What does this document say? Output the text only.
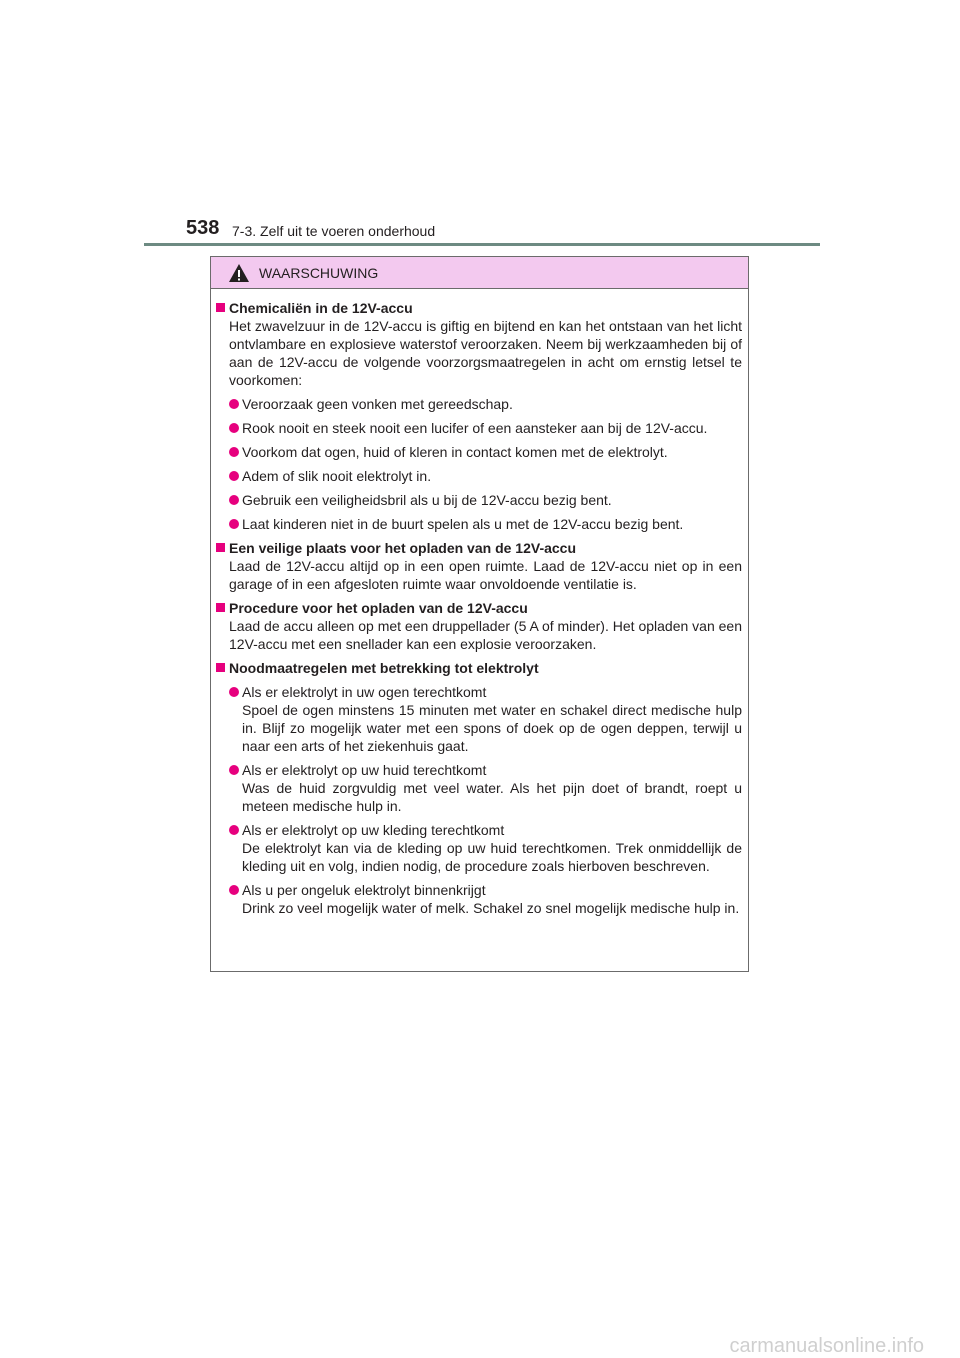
538 7-3. Zelf uit te voeren onderhoud
WAARSCHUWING
Chemicaliën in de 12V-accu
Het zwavelzuur in de 12V-accu is giftig en bijtend en kan het ontstaan van het licht ontvlambare en explosieve waterstof veroorzaken. Neem bij werkzaamheden bij of aan de 12V-accu de volgende voorzorgsmaatregelen in acht om ernstig letsel te voorkomen:
Veroorzaak geen vonken met gereedschap.
Rook nooit en steek nooit een lucifer of een aansteker aan bij de 12V-accu.
Voorkom dat ogen, huid of kleren in contact komen met de elektrolyt.
Adem of slik nooit elektrolyt in.
Gebruik een veiligheidsbril als u bij de 12V-accu bezig bent.
Laat kinderen niet in de buurt spelen als u met de 12V-accu bezig bent.
Een veilige plaats voor het opladen van de 12V-accu
Laad de 12V-accu altijd op in een open ruimte. Laad de 12V-accu niet op in een garage of in een afgesloten ruimte waar onvoldoende ventilatie is.
Procedure voor het opladen van de 12V-accu
Laad de accu alleen op met een druppellader (5 A of minder). Het opladen van een 12V-accu met een snellader kan een explosie veroorzaken.
Noodmaatregelen met betrekking tot elektrolyt
Als er elektrolyt in uw ogen terechtkomt
Spoel de ogen minstens 15 minuten met water en schakel direct medische hulp in. Blijf zo mogelijk water met een spons of doek op de ogen deppen, terwijl u naar een arts of het ziekenhuis gaat.
Als er elektrolyt op uw huid terechtkomt
Was de huid zorgvuldig met veel water. Als het pijn doet of brandt, roept u meteen medische hulp in.
Als er elektrolyt op uw kleding terechtkomt
De elektrolyt kan via de kleding op uw huid terechtkomen. Trek onmiddellijk de kleding uit en volg, indien nodig, de procedure zoals hierboven beschreven.
Als u per ongeluk elektrolyt binnenkrijgt
Drink zo veel mogelijk water of melk. Schakel zo snel mogelijk medische hulp in.
carmanualsonline.info
